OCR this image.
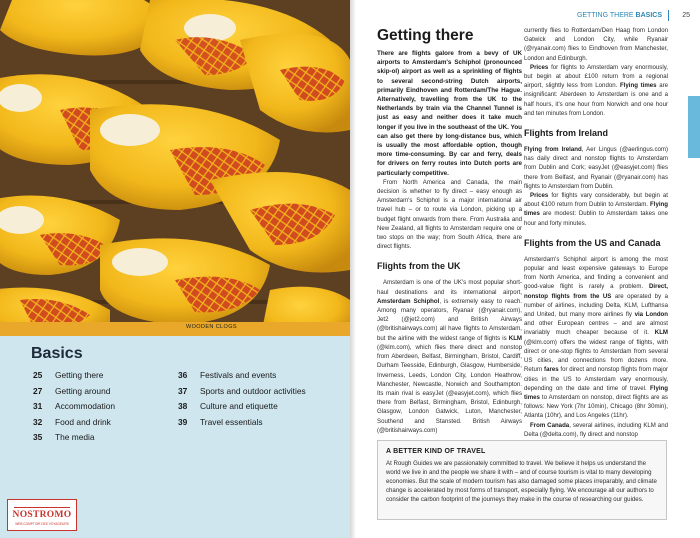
WOODEN CLOGS
Basics
25 Getting there
27 Getting around
31 Accommodation
32 Food and drink
35 The media
36 Festivals and events
37 Sports and outdoor activities
38 Culture and etiquette
39 Travel essentials
NOSTROMO
WEB COMPTOIR DES VOYAGEURS
GETTING THERE BASICS	25
Getting there
There are flights galore from a bevy of UK airports to Amsterdam's Schiphol (pronounced skip-ol) airport as well as a sprinkling of flights to several second-string Dutch airports, primarily Eindhoven and Rotterdam/The Hague. Alternatively, travelling from the UK to the Netherlands by train via the Channel Tunnel is just as easy and neither does it take much longer if you live in the southeast of the UK. You can also get there by long-distance bus, which is usually the most affordable option, though more time-consuming. By car and ferry, deals for drivers on ferry routes into Dutch ports are particularly competitive.

From North America and Canada, the main decision is whether to fly direct – easy enough as Amsterdam's Schiphol is a major international air travel hub – or to route via London, picking up a budget flight onwards from there. From Australia and New Zealand, all flights to Amsterdam require one or two stops on the way; from South Africa, there are direct flights.

Flights from the UK

Amsterdam is one of the UK's most popular short-haul destinations and its international airport, Amsterdam Schiphol, is extremely easy to reach. Among many operators, Ryanair (@ryanair.com), Jet2 (@jet2.com) and British Airways (@britishairways.com) all have flights to Amsterdam, but the airline with the widest range of flights is KLM (@klm.com), which flies there direct and nonstop from Aberdeen, Belfast, Birmingham, Bristol, Cardiff, Durham Teesside, Edinburgh, Glasgow, Humberside, Inverness, Leeds, London City, London Heathrow, Manchester, Newcastle, Norwich and Southampton. Its main rival is easyJet (@easyjet.com), which flies there from Belfast, Birmingham, Bristol, Edinburgh, Glasgow, London Gatwick, Luton, Manchester, Southend and Stansted. British Airways (@britishairways.com)

currently flies to Rotterdam/Den Haag from London Gatwick and London City, while Ryanair (@ryanair.com) flies to Eindhoven from Manchester, London and Edinburgh.

Prices for flights to Amsterdam vary enormously, but begin at about £100 return from a regional airport, slightly less from London. Flying times are insignificant: Aberdeen to Amsterdam is one and a half hours, it's one hour from Norwich and one hour and ten minutes from London.

Flights from Ireland

Flying from Ireland, Aer Lingus (@aerlingus.com) has daily direct and nonstop flights to Amsterdam from Dublin and Cork; easyJet (@easyjet.com) flies there from Belfast, and Ryanair (@ryanair.com) has flights to Amsterdam from Dublin.

Prices for flights vary considerably, but begin at about €100 return from Dublin to Amsterdam. Flying times are modest: Dublin to Amsterdam takes one hour and forty minutes.

Flights from the US and Canada

Amsterdam's Schiphol airport is among the most popular and least expensive gateways to Europe from North America, and finding a convenient and good-value flight is rarely a problem. Direct, nonstop flights from the US are operated by a number of airlines, including Delta, KLM, Lufthansa and United, but many more airlines fly via London and other European centres – and are almost invariably much cheaper because of it. KLM (@klm.com) offers the widest range of flights, with direct or one-stop flights to Amsterdam from several US cities, and connections from dozens more. Return fares for direct and nonstop flights from major cities in the US to Amsterdam vary enormously, depending on the date and time of travel. Flying times to Amsterdam on nonstop, direct flights are as follows: New York (7hr 10min), Chicago (8hr 30min), Atlanta (10hr), and Los Angeles (11hr).

From Canada, several airlines, including KLM and Delta (@delta.com), fly direct and nonstop

A BETTER KIND OF TRAVEL
At Rough Guides we are passionately committed to travel. We believe it helps us understand the world we live in and the people we share it with – and of course tourism is vital to many developing economies. But the scale of modern tourism has also damaged some places irreparably, and climate change is accelerated by most forms of transport, especially flying. We encourage all our authors to consider the carbon footprint of the journeys they make in the course of researching our guides.
